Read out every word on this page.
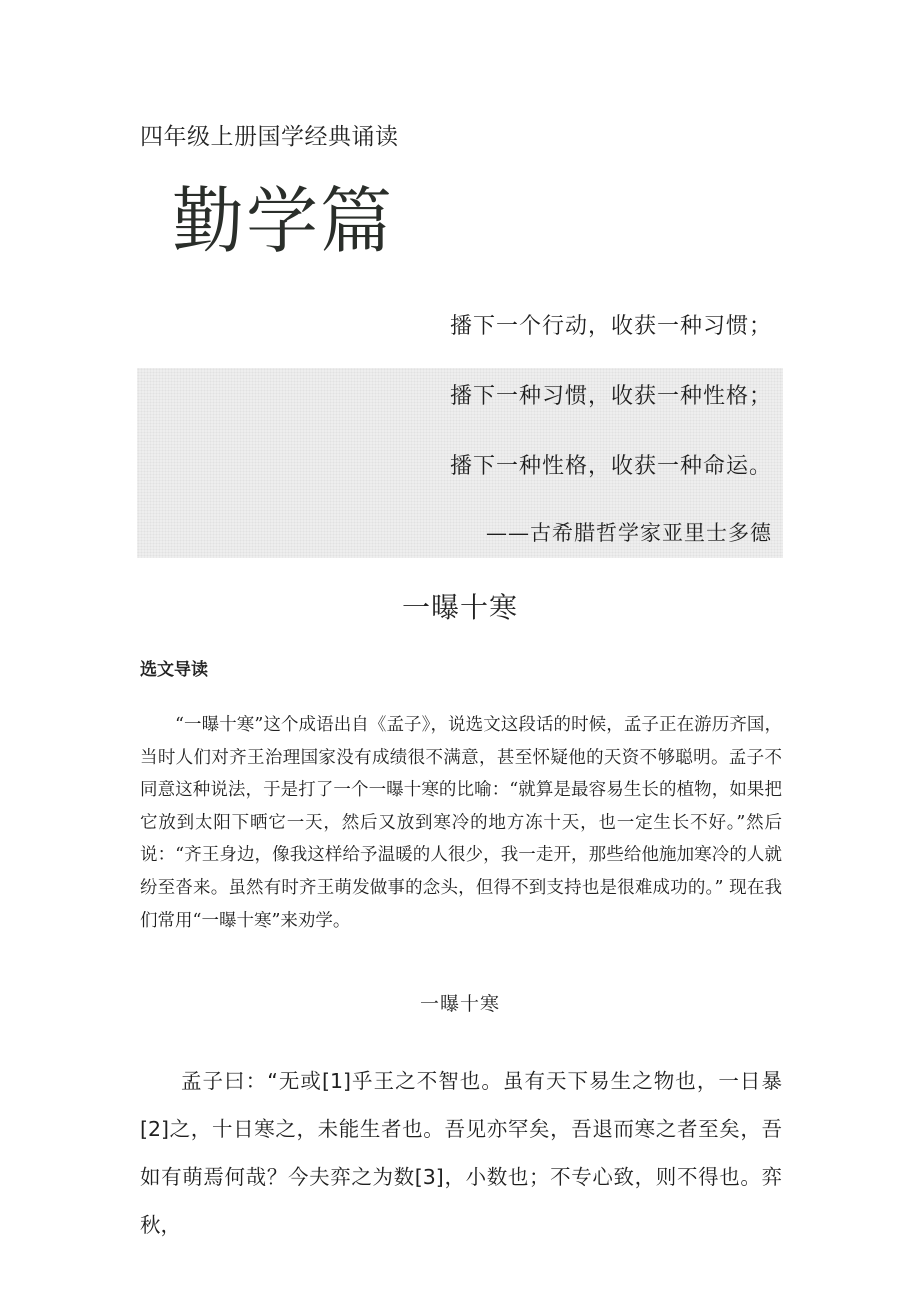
四年级上册国学经典诵读
勤学篇
播下一个行动，收获一种习惯；
播下一种习惯，收获一种性格；
播下一种性格，收获一种命运。
——古希腊哲学家亚里士多德
一曝十寒
选文导读

“一曝十寒”这个成语出自《孟子》，说选文这段话的时候，孟子正在游历齐国，当时人们对齐王治理国家没有成绩很不满意，甚至怀疑他的天资不够聪明。孟子不同意这种说法，于是打了一个一曝十寒的比喻：“就算是最容易生长的植物，如果把它放到太阳下晒它一天，然后又放到寒冷的地方冻十天，也一定生长不好。”然后说：“齐王身边，像我这样给予温暖的人很少，我一走开，那些给他施加寒冷的人就纷至沓来。虽然有时齐王萌发做事的念头，但得不到支持也是很难成功的。” 现在我们常用“一曝十寒”来劝学。

一曝十寒

孟子曰：“无或[1]乎王之不智也。虽有天下易生之物也，一日暴[2]之，十日寒之，未能生者也。吾见亦罕矣，吾退而寒之者至矣，吾如有萌焉何哉？今夫弈之为数[3]，小数也；不专心致，则不得也。弈秋，
